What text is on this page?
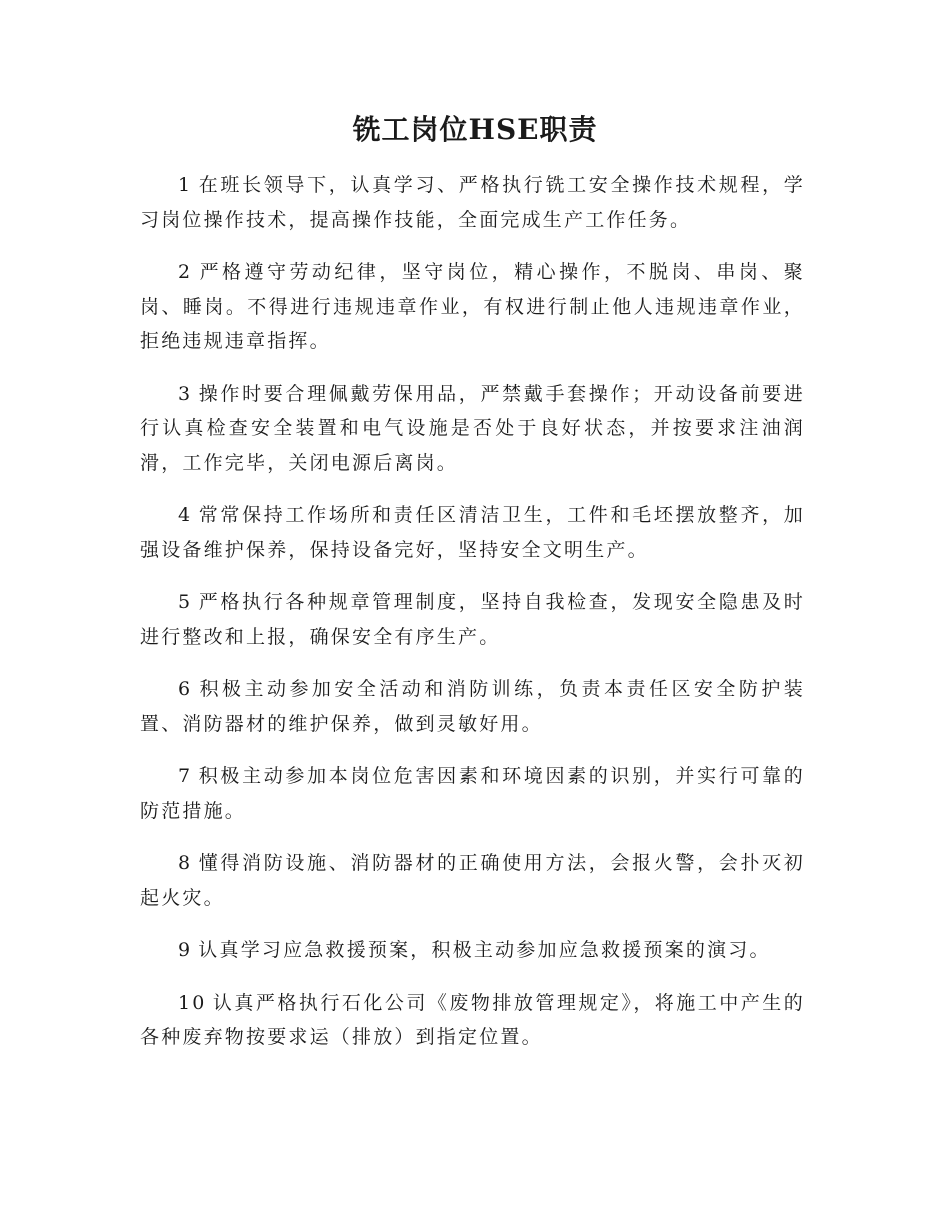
铣工岗位HSE职责

1 在班长领导下，认真学习、严格执行铣工安全操作技术规程，学习岗位操作技术，提高操作技能，全面完成生产工作任务。

2 严格遵守劳动纪律，坚守岗位，精心操作，不脱岗、串岗、聚岗、睡岗。不得进行违规违章作业，有权进行制止他人违规违章作业，拒绝违规违章指挥。

3 操作时要合理佩戴劳保用品，严禁戴手套操作；开动设备前要进行认真检查安全装置和电气设施是否处于良好状态，并按要求注油润滑，工作完毕，关闭电源后离岗。

4 常常保持工作场所和责任区清洁卫生，工件和毛坯摆放整齐，加强设备维护保养，保持设备完好，坚持安全文明生产。

5 严格执行各种规章管理制度，坚持自我检查，发现安全隐患及时进行整改和上报，确保安全有序生产。

6 积极主动参加安全活动和消防训练，负责本责任区安全防护装置、消防器材的维护保养，做到灵敏好用。

7 积极主动参加本岗位危害因素和环境因素的识别，并实行可靠的防范措施。

8 懂得消防设施、消防器材的正确使用方法，会报火警，会扑灭初起火灾。

9 认真学习应急救援预案，积极主动参加应急救援预案的演习。

10 认真严格执行石化公司《废物排放管理规定》，将施工中产生的各种废弃物按要求运（排放）到指定位置。
